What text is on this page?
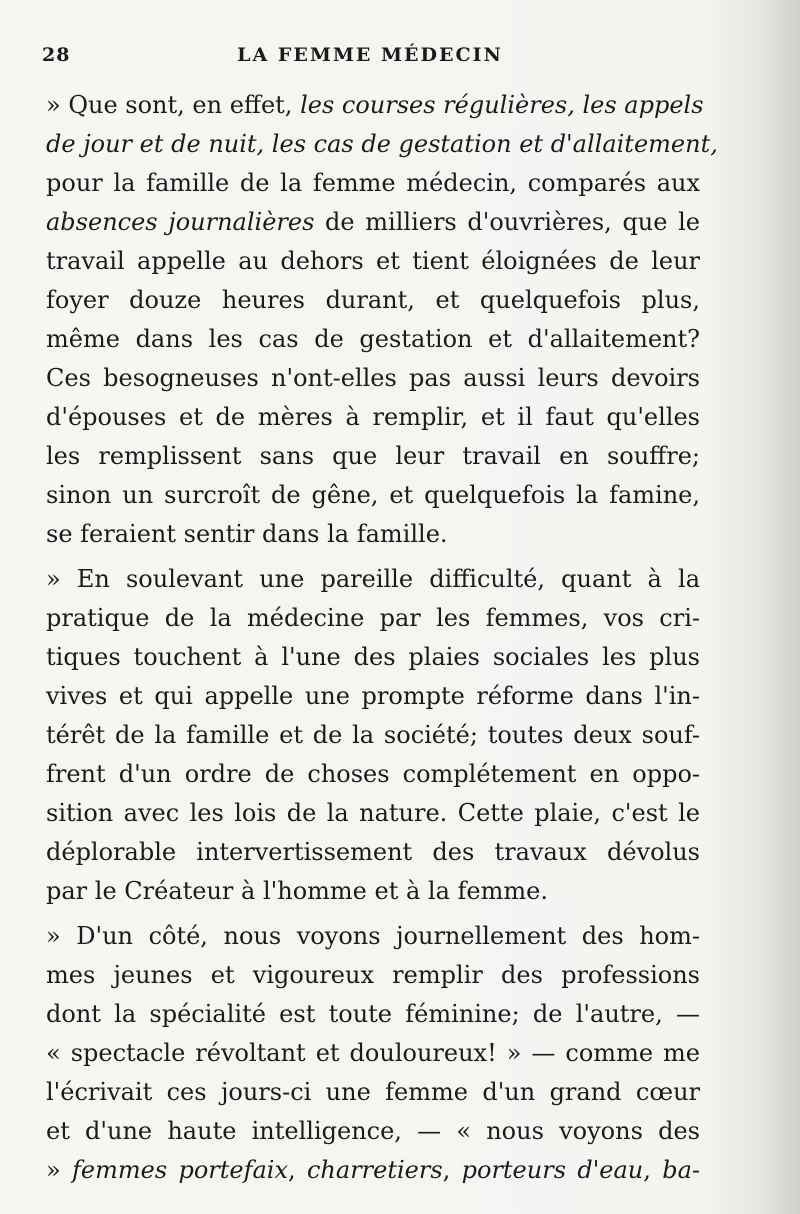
28	LA FEMME MÉDECIN
» Que sont, en effet, les courses régulières, les appels
de jour et de nuit, les cas de gestation et d'allaitement,
pour la famille de la femme médecin, comparés aux
absences journalières de milliers d'ouvrières, que le
travail appelle au dehors et tient éloignées de leur
foyer douze heures durant, et quelquefois plus,
même dans les cas de gestation et d'allaitement?
Ces besogneuses n'ont-elles pas aussi leurs devoirs
d'épouses et de mères à remplir, et il faut qu'elles
les remplissent sans que leur travail en souffre;
sinon un surcroît de gêne, et quelquefois la famine,
se feraient sentir dans la famille.
» En soulevant une pareille difficulté, quant à la
pratique de la médecine par les femmes, vos cri-
tiques touchent à l'une des plaies sociales les plus
vives et qui appelle une prompte réforme dans l'in-
térêt de la famille et de la société; toutes deux souf-
frent d'un ordre de choses complétement en oppo-
sition avec les lois de la nature. Cette plaie, c'est le
déplorable intervertissement des travaux dévolus
par le Créateur à l'homme et à la femme.
» D'un côté, nous voyons journellement des hom-
mes jeunes et vigoureux remplir des professions
dont la spécialité est toute féminine; de l'autre, —
« spectacle révoltant et douloureux! » — comme me
l'écrivait ces jours-ci une femme d'un grand cœur
et d'une haute intelligence, — « nous voyons des
» femmes portefaix, charretiers, porteurs d'eau, ba-
